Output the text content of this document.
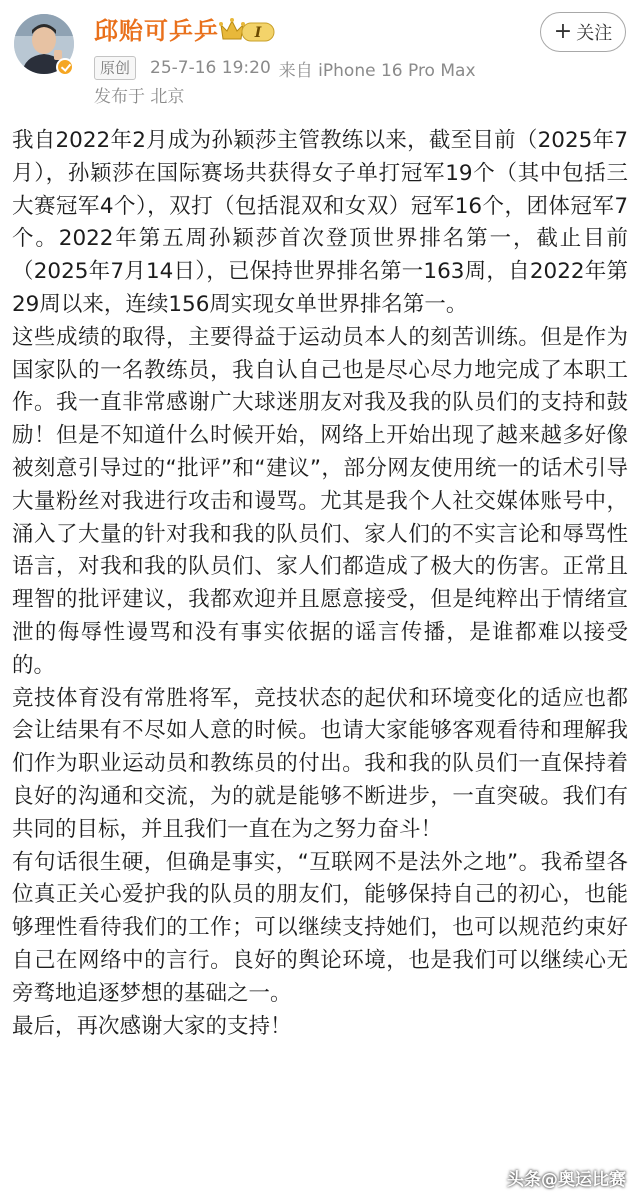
邱贻可乒乒	I	+ 关注
原创	25-7-16 19:20 来自 iPhone 16 Pro Max
发布于 北京

我自2022年2月成为孙颖莎主管教练以来，截至目前（2025年7月），孙颖莎在国际赛场共获得女子单打冠军19个（其中包括三大赛冠军4个），双打（包括混双和女双）冠军16个，团体冠军7个。2022年第五周孙颖莎首次登顶世界排名第一，截止目前（2025年7月14日），已保持世界排名第一163周，自2022年第29周以来，连续156周实现女单世界排名第一。

这些成绩的取得，主要得益于运动员本人的刻苦训练。但是作为国家队的一名教练员，我自认自己也是尽心尽力地完成了本职工作。我一直非常感谢广大球迷朋友对我及我的队员们的支持和鼓励！但是不知道什么时候开始，网络上开始出现了越来越多好像被刻意引导过的“批评”和“建议”，部分网友使用统一的话术引导大量粉丝对我进行攻击和谩骂。尤其是我个人社交媒体账号中，涌入了大量的针对我和我的队员们、家人们的不实言论和辱骂性语言，对我和我的队员们、家人们都造成了极大的伤害。正常且理智的批评建议，我都欢迎并且愿意接受，但是纯粹出于情绪宣泄的侮辱性谩骂和没有事实依据的谣言传播，是谁都难以接受的。

竞技体育没有常胜将军，竞技状态的起伏和环境变化的适应也都会让结果有不尽如人意的时候。也请大家能够客观看待和理解我们作为职业运动员和教练员的付出。我和我的队员们一直保持着良好的沟通和交流，为的就是能够不断进步，一直突破。我们有共同的目标，并且我们一直在为之努力奋斗！

有句话很生硬，但确是事实，“互联网不是法外之地”。我希望各位真正关心爱护我的队员的朋友们，能够保持自己的初心，也能够理性看待我们的工作；可以继续支持她们，也可以规范约束好自己在网络中的言行。良好的舆论环境，也是我们可以继续心无旁骛地追逐梦想的基础之一。

最后，再次感谢大家的支持！

头条@奥运比赛
